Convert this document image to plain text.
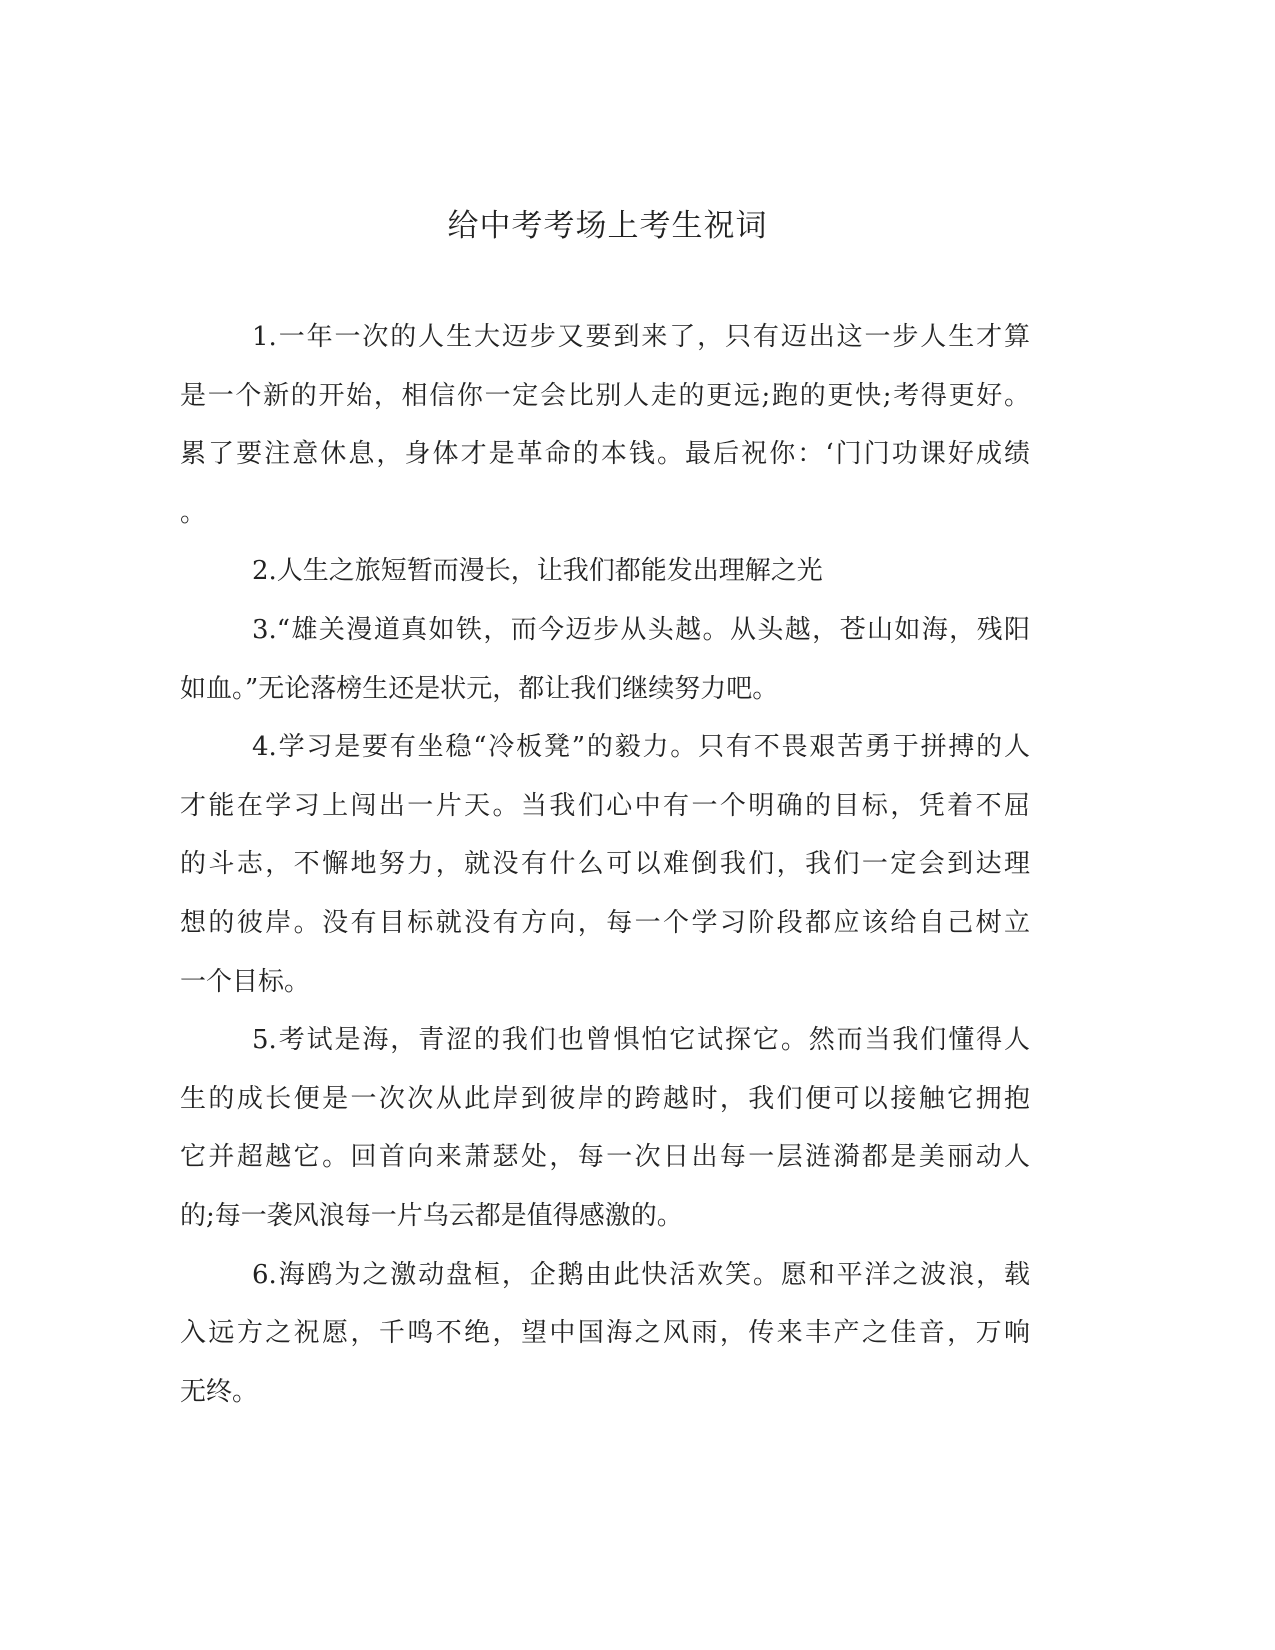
给中考考场上考生祝词
1.一年一次的人生大迈步又要到来了，只有迈出这一步人生才算
是一个新的开始，相信你一定会比别人走的更远;跑的更快;考得更好。
累了要注意休息，身体才是革命的本钱。最后祝你：‘门门功课好成绩
。
2.人生之旅短暂而漫长，让我们都能发出理解之光
3.“雄关漫道真如铁，而今迈步从头越。从头越，苍山如海，残阳
如血。”无论落榜生还是状元，都让我们继续努力吧。
4.学习是要有坐稳“冷板凳”的毅力。只有不畏艰苦勇于拼搏的人
才能在学习上闯出一片天。当我们心中有一个明确的目标，凭着不屈
的斗志，不懈地努力，就没有什么可以难倒我们，我们一定会到达理
想的彼岸。没有目标就没有方向，每一个学习阶段都应该给自己树立
一个目标。
5.考试是海，青涩的我们也曾惧怕它试探它。然而当我们懂得人
生的成长便是一次次从此岸到彼岸的跨越时，我们便可以接触它拥抱
它并超越它。回首向来萧瑟处，每一次日出每一层涟漪都是美丽动人
的;每一袭风浪每一片乌云都是值得感激的。
6.海鸥为之激动盘桓，企鹅由此快活欢笑。愿和平洋之波浪，载
入远方之祝愿，千鸣不绝，望中国海之风雨，传来丰产之佳音，万响
无终。
